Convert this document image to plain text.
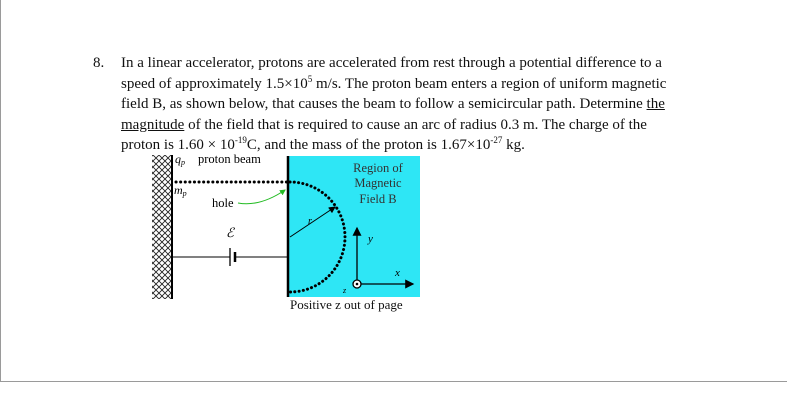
8. In a linear accelerator, protons are accelerated from rest through a potential difference to a
speed of approximately $1.5\times 10^5$ m/s. The proton beam enters a region of uniform magnetic
field B, as shown below, that causes the beam to follow a semicircular path. Determine the
magnitude of the field that is required to cause an arc of radius 0.3 m. The charge of the
proton is $1.60 \times 10^{-19}C$, and the mass of the proton is $1.67\times 10^{-27}$ kg.
qp proton beam
mp
r
hole
ℰ
Region of
Magnetic
Field B
y
x
z
Positive z out of page
